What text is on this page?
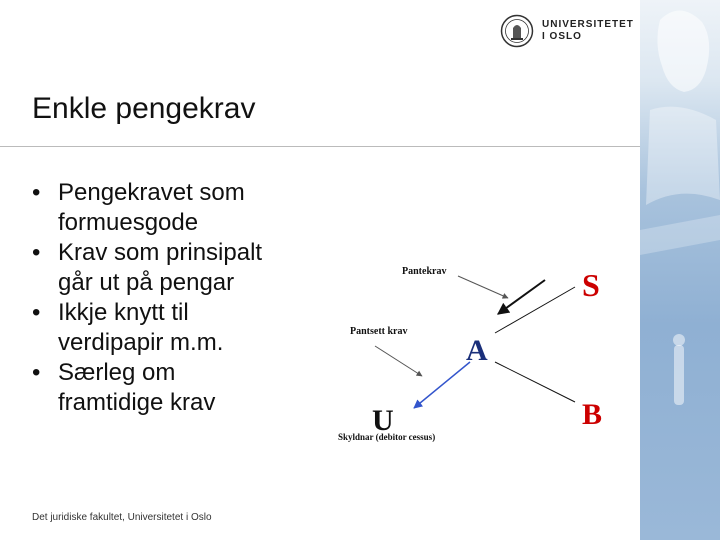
UNIVERSITETET
I OSLO
Enkle pengekrav
• Pengekravet som
formuesgode
• Krav som prinsipalt
går ut på pengar
• Ikkje knytt til
verdipapir m.m.
• Særleg om
framtidige krav
Pantekrav
Pantsett krav
Skyldnar (debitor cessus)
S
A
B
U
Det juridiske fakultet, Universitetet i Oslo
